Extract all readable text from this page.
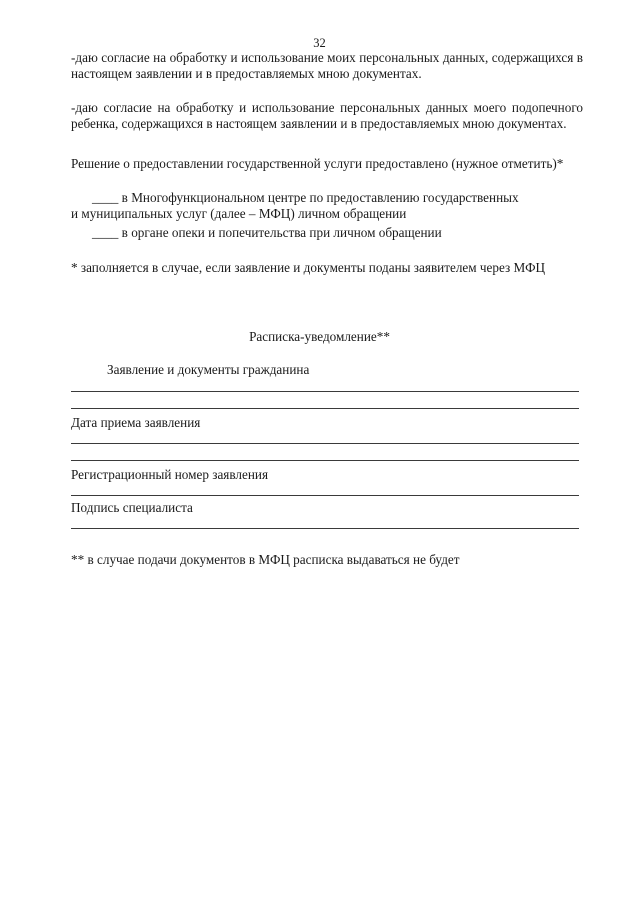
32

-даю согласие на обработку и использование моих персональных данных, содержащихся в настоящем заявлении и в предоставляемых мною документах.

-даю согласие на обработку и использование персональных данных моего подопечного ребенка, содержащихся в настоящем заявлении и в предоставляемых мною документах.

Решение о предоставлении государственной услуги предоставлено (нужное отметить)*

____ в Многофункциональном центре по предоставлению государственных

и муниципальных услуг (далее – МФЦ) личном обращении

____ в органе опеки и попечительства при личном обращении

* заполняется в случае, если заявление и документы поданы заявителем через МФЦ

Расписка-уведомление**

Заявление и документы гражданина

Дата приема заявления

Регистрационный номер заявления

Подпись специалиста

** в случае подачи документов в МФЦ расписка выдаваться не будет
